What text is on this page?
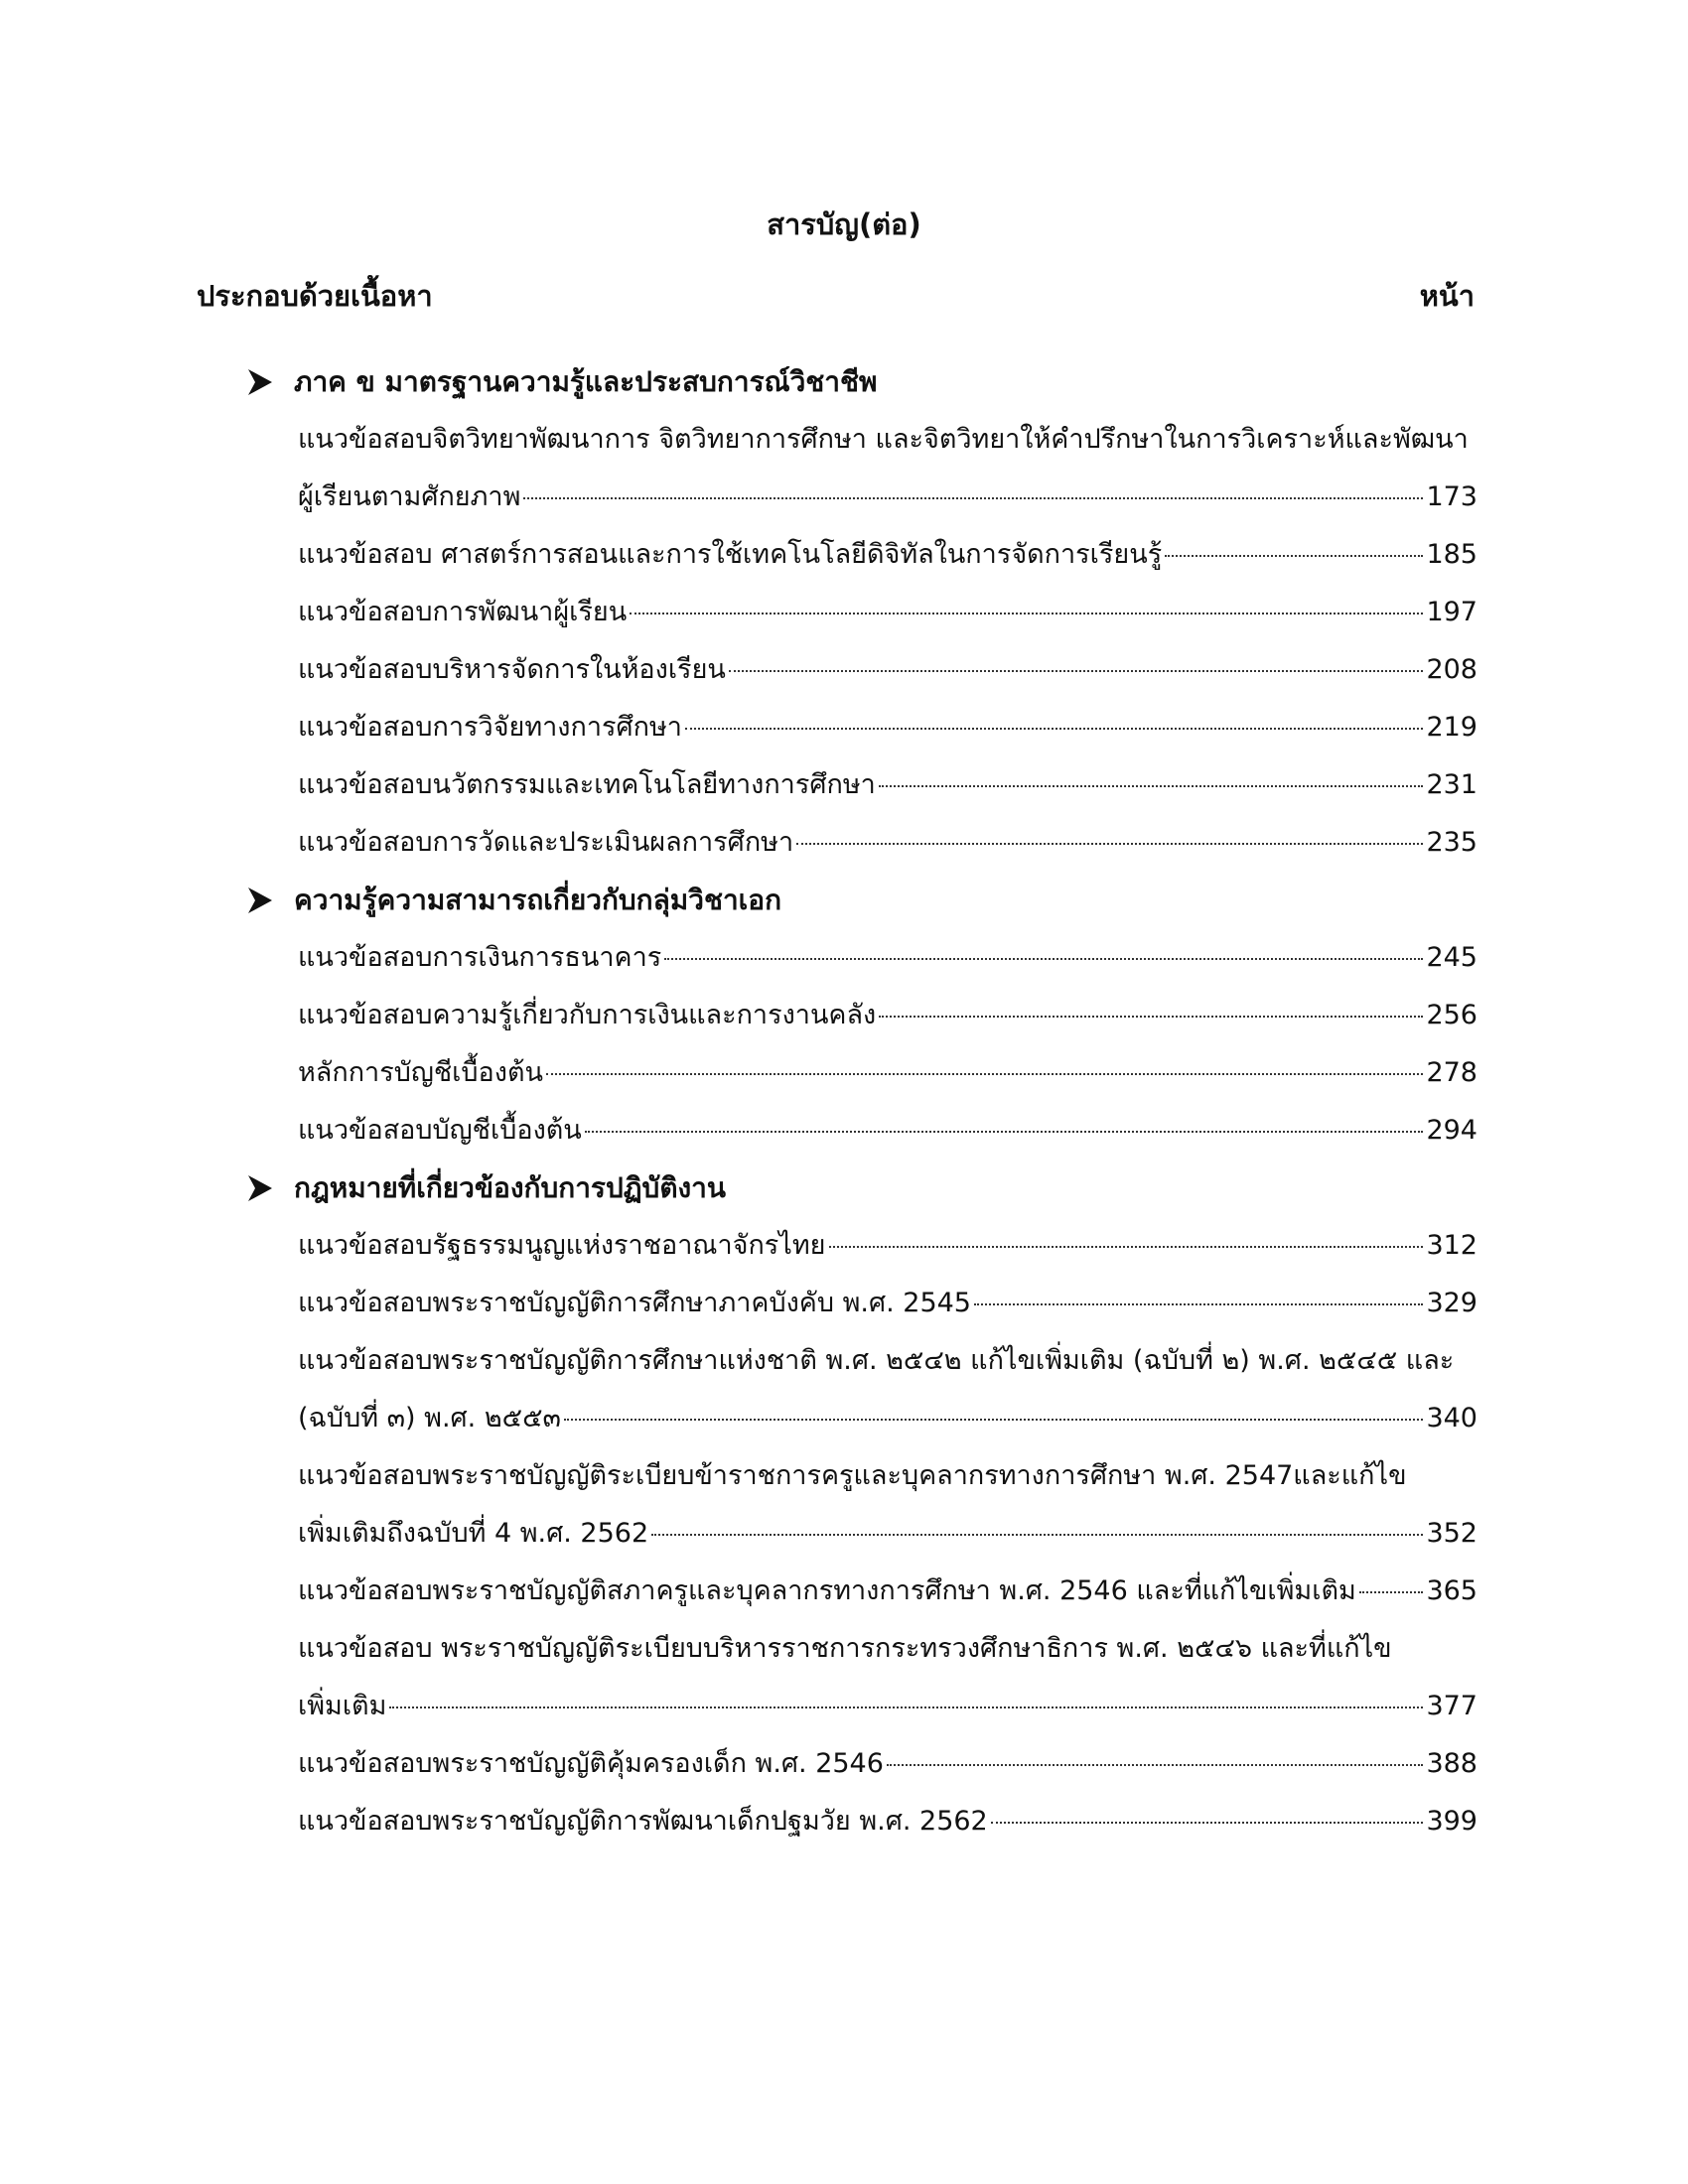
สารบัญ(ต่อ)
ประกอบด้วยเนื้อหา	หน้า
ภาค ข มาตรฐานความรู้และประสบการณ์วิชาชีพ
แนวข้อสอบจิตวิทยาพัฒนาการ จิตวิทยาการศึกษา และจิตวิทยาให้คำปรึกษาในการวิเคราะห์และพัฒนา
ผู้เรียนตามศักยภาพ	173
แนวข้อสอบ ศาสตร์การสอนและการใช้เทคโนโลยีดิจิทัลในการจัดการเรียนรู้	185
แนวข้อสอบการพัฒนาผู้เรียน	197
แนวข้อสอบบริหารจัดการในห้องเรียน	208
แนวข้อสอบการวิจัยทางการศึกษา	219
แนวข้อสอบนวัตกรรมและเทคโนโลยีทางการศึกษา	231
แนวข้อสอบการวัดและประเมินผลการศึกษา	235
ความรู้ความสามารถเกี่ยวกับกลุ่มวิชาเอก
แนวข้อสอบการเงินการธนาคาร	245
แนวข้อสอบความรู้เกี่ยวกับการเงินและการงานคลัง	256
หลักการบัญชีเบื้องต้น	278
แนวข้อสอบบัญชีเบื้องต้น	294
กฎหมายที่เกี่ยวข้องกับการปฏิบัติงาน
แนวข้อสอบรัฐธรรมนูญแห่งราชอาณาจักรไทย	312
แนวข้อสอบพระราชบัญญัติการศึกษาภาคบังคับ พ.ศ. 2545	329
แนวข้อสอบพระราชบัญญัติการศึกษาแห่งชาติ พ.ศ. ๒๕๔๒ แก้ไขเพิ่มเติม (ฉบับที่ ๒) พ.ศ. ๒๕๔๕ และ
(ฉบับที่ ๓) พ.ศ. ๒๕๕๓	340
แนวข้อสอบพระราชบัญญัติระเบียบข้าราชการครูและบุคลากรทางการศึกษา พ.ศ. 2547และแก้ไข
เพิ่มเติมถึงฉบับที่ 4 พ.ศ. 2562	352
แนวข้อสอบพระราชบัญญัติสภาครูและบุคลากรทางการศึกษา พ.ศ. 2546 และที่แก้ไขเพิ่มเติม	365
แนวข้อสอบ พระราชบัญญัติระเบียบบริหารราชการกระทรวงศึกษาธิการ พ.ศ. ๒๕๔๖ และที่แก้ไข
เพิ่มเติม	377
แนวข้อสอบพระราชบัญญัติคุ้มครองเด็ก พ.ศ. 2546	388
แนวข้อสอบพระราชบัญญัติการพัฒนาเด็กปฐมวัย พ.ศ. 2562	399
